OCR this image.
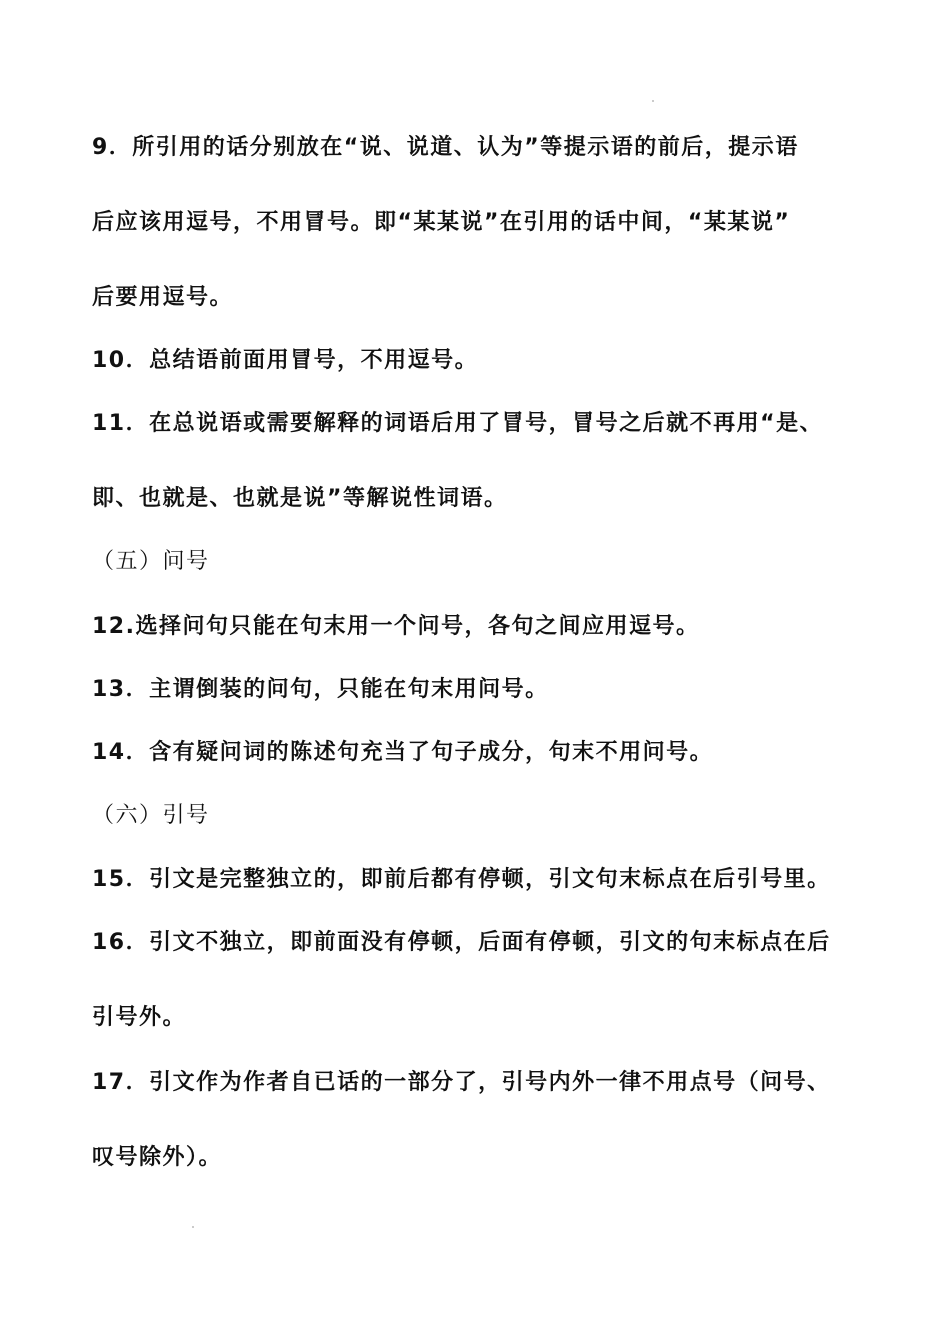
9．所引用的话分别放在“说、说道、认为”等提示语的前后，提示语
后应该用逗号，不用冒号。即“某某说”在引用的话中间，“某某说”
后要用逗号。
10．总结语前面用冒号，不用逗号。
11．在总说语或需要解释的词语后用了冒号，冒号之后就不再用“是、
即、也就是、也就是说”等解说性词语。
（五）问号
12.选择问句只能在句末用一个问号，各句之间应用逗号。
13．主谓倒装的问句，只能在句末用问号。
14．含有疑问词的陈述句充当了句子成分，句末不用问号。
（六）引号
15．引文是完整独立的，即前后都有停顿，引文句末标点在后引号里。
16．引文不独立，即前面没有停顿，后面有停顿，引文的句末标点在后
引号外。
17．引文作为作者自已话的一部分了，引号内外一律不用点号（问号、
叹号除外）。
